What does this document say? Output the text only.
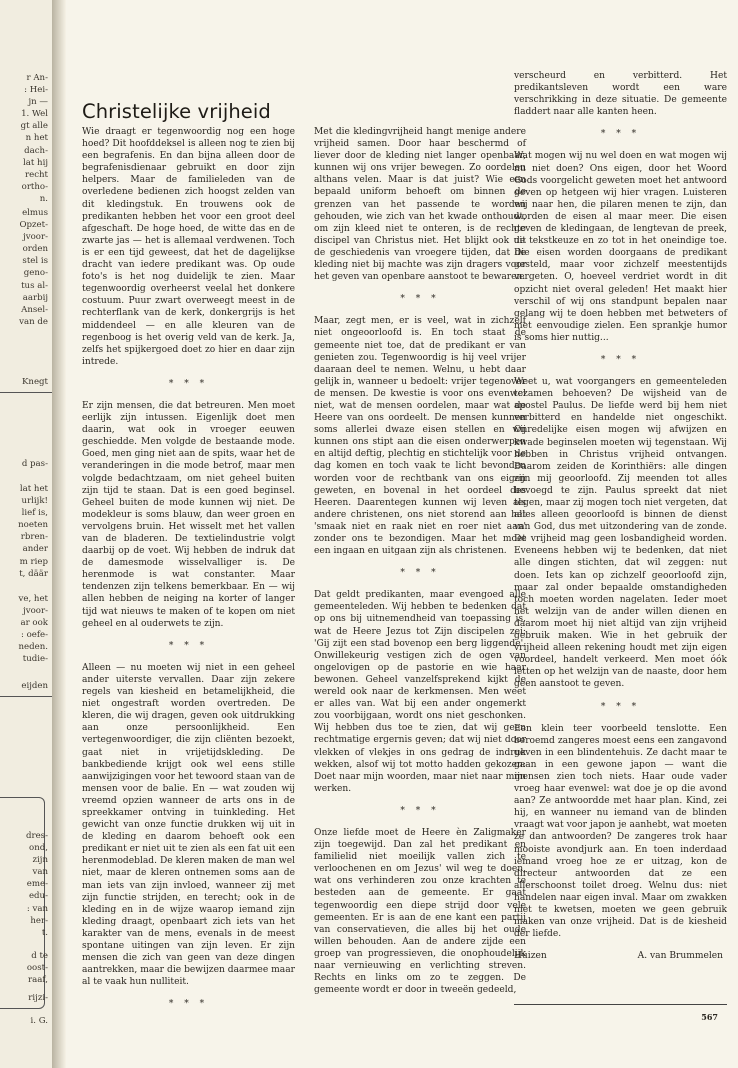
r An-
: Hei-
jn —
1. Wel
gt alle
n het
dach-
lat hij
recht
ortho-
n.
elmus
Opzet-
jvoor-
orden
stel is
geno-
tus al-
aarbij
Ansel-
van de
Knegt
d pas-
lat het
urlijk!
lief is,
noeten
rbren-
ander
m riep
t, däär
ve, het
jvoor-
ar ook
: oefe-
neden.
tudie-
eijden
dres-
ond,
zijn
van
eme-
edu-
: van
her-
t.
d te
oost-
raaf,
rijzi-
i. G.
Christelijke vrijheid

Wie draagt er tegenwoordig nog een hoge hoed? Dit hoofddeksel is alleen nog te zien bij een begrafenis. En dan bijna alleen door de begrafenisdienaar gebruikt en door zijn helpers. Maar de familieleden van de overledene bedienen zich hoogst zelden van dit kledingstuk. En trouwens ook de predikanten hebben het voor een groot deel afgeschaft. De hoge hoed, de witte das en de zwarte jas — het is allemaal verdwenen. Toch is er een tijd geweest, dat het de dagelijkse dracht van iedere predikant was. Op oude foto's is het nog duidelijk te zien. Maar tegenwoordig overheerst veelal het donkere costuum. Puur zwart overweegt meest in de rechterflank van de kerk, donkergrijs is het middendeel — en alle kleuren van de regenboog is het overig veld van de kerk. Ja, zelfs het spijkergoed doet zo hier en daar zijn intrede.

* * *

Er zijn mensen, die dat betreuren. Men moet eerlijk zijn intussen. Eigenlijk doet men daarin, wat ook in vroeger eeuwen geschiedde. Men volgde de bestaande mode. Goed, men ging niet aan de spits, waar het de veranderingen in die mode betrof, maar men volgde bedachtzaam, om niet geheel buiten zijn tijd te staan. Dat is een goed beginsel. Geheel buiten de mode kunnen wij niet. De modekleur is soms blauw, dan weer groen en vervolgens bruin. Het wisselt met het vallen van de bladeren. De textielindustrie volgt daarbij op de voet. Wij hebben de indruk dat de damesmode wisselvalliger is. De herenmode is wat constanter. Maar tendenzen zijn telkens bemerkbaar. En — wij allen hebben de neiging na korter of langer tijd wat nieuws te maken of te kopen om niet geheel en al ouderwets te zijn.

* * *

Alleen — nu moeten wij niet in een geheel ander uiterste vervallen. Daar zijn zekere regels van kiesheid en betamelijkheid, die niet ongestraft worden overtreden. De kleren, die wij dragen, geven ook uitdrukking aan onze persoonlijkheid. Een vertegenwoordiger, die zijn cliënten bezoekt, gaat niet in vrijetijdskleding. De bankbediende krijgt ook wel eens stille aanwijzigingen voor het tewoord staan van de mensen voor de balie. En — wat zouden wij vreemd opzien wanneer de arts ons in de spreekkamer ontving in tuinkleding. Het gewicht van onze functie drukken wij uit in de kleding en daarom behoeft ook een predikant er niet uit te zien als een fat uit een herenmodeblad. De kleren maken de man wel niet, maar de kleren ontnemen soms aan de man iets van zijn invloed, wanneer zij met zijn functie strijden, en terecht; ook in de kleding en in de wijze waarop iemand zijn kleding draagt, openbaart zich iets van het karakter van de mens, evenals in de meest spontane uitingen van zijn leven. Er zijn mensen die zich van geen van deze dingen aantrekken, maar die bewijzen daarmee maar al te vaak hun nulliteit.

* * *

Met die kledingvrijheid hangt menige andere vrijheid samen. Door haar beschermd of liever door de kleding niet langer openbaar, kunnen wij ons vrijer bewegen. Zo oordelen althans velen. Maar is dat juist? Wie een bepaald uniform behoeft om binnen de grenzen van het passende te worden gehouden, wie zich van het kwade onthoudt, om zijn kleed niet te onteren, is de rechte discipel van Christus niet. Het blijkt ook uit de geschiedenis van vroegere tijden, dat de kleding niet bij machte was zijn dragers voor het geven van openbare aanstoot te bewaren.

* * *

Maar, zegt men, er is veel, wat in zichzelf niet ongeoorloofd is. En toch staat de gemeente niet toe, dat de predikant er van genieten zou. Tegenwoordig is hij veel vrijer daaraan deel te nemen. Welnu, u hebt daar gelijk in, wanneer u bedoelt: vrijer tegenover de mensen. De kwestie is voor ons evenwel niet, wat de mensen oordelen, maar wat de Heere van ons oordeelt. De mensen kunnen soms allerlei dwaze eisen stellen en wij kunnen ons stipt aan die eisen onderwerpen en altijd deftig, plechtig en stichtelijk voor de dag komen en toch vaak te licht bevonden worden voor de rechtbank van ons eigen geweten, en bovenal in het oordeel des Heeren. Daarentegen kunnen wij leven als andere christenen, ons niet storend aan het 'smaak niet en raak niet en roer niet aan' zonder ons te bezondigen. Maar het moet een ingaan en uitgaan zijn als christenen.

* * *

Dat geldt predikanten, maar evengoed alle gemeenteleden. Wij hebben te bedenken dat op ons bij uitnemendheid van toepassing is, wat de Heere Jezus tot Zijn discipelen zei: 'Gij zijt een stad bovenop een berg liggende'. Onwillekeurig vestigen zich de ogen van ongelovigen op de pastorie en wie haar bewonen. Geheel vanzelfsprekend kijkt de wereld ook naar de kerkmensen. Men weet er alles van. Wat bij een ander ongemerkt zou voorbijgaan, wordt ons niet geschonken. Wij hebben dus toe te zien, dat wij geen rechtmatige ergernis geven; dat wij niet door vlekken of vlekjes in ons gedrag de indruk wekken, alsof wij tot motto hadden gekozen: Doet naar mijn woorden, maar niet naar mijn werken.

* * *

Onze liefde moet de Heere èn Zaligmaker zijn toegewijd. Dan zal het predikant en familielid niet moeilijk vallen zich te verloochenen en om Jezus' wil weg te doen, wat ons verhinderen zou onze krachten te besteden aan de gemeente. Er gaat tegenwoordig een diepe strijd door vele gemeenten. Er is aan de ene kant een partij van conservatieven, die alles bij het oude willen behouden. Aan de andere zijde een groep van progressieven, die onophoudelijk naar vernieuwing en verlichting streven. Rechts en links om zo te zeggen. De gemeente wordt er door in tweeën gedeeld,

verscheurd en verbitterd. Het predikantsleven wordt een ware verschrikking in deze situatie. De gemeente fladdert naar alle kanten heen.

* * *

Wat mogen wij nu wel doen en wat mogen wij nu niet doen? Ons eigen, door het Woord Gods voorgelicht geweten moet het antwoord geven op hetgeen wij hier vragen. Luisteren wij naar hen, die pilaren menen te zijn, dan worden de eisen al maar meer. Die eisen geven de kledingaan, de lengtevan de preek, de tekstkeuze en zo tot in het oneindige toe. Die eisen worden doorgaans de predikant gesteld, maar voor zichzelf meestentijds vergeten. O, hoeveel verdriet wordt in dit opzicht niet overal geleden! Het maakt hier verschil of wij ons standpunt bepalen naar gelang wij te doen hebben met betweters of met eenvoudige zielen. Een sprankje humor is soms hier nuttig...

* * *

Weet u, wat voorgangers en gemeenteleden tezamen behoeven? De wijsheid van de apostel Paulus. De liefde werd bij hem niet verbitterd en handelde niet ongeschikt. Onredelijke eisen mogen wij afwijzen en kwade beginselen moeten wij tegenstaan. Wij hebben in Christus vrijheid ontvangen. Daarom zeiden de Korinthiërs: alle dingen zijn mij geoorloofd. Zij meenden tot alles bevoegd te zijn. Paulus spreekt dat niet tegen, maar zij mogen toch niet vergeten, dat alles alleen geoorloofd is binnen de dienst van God, dus met uitzondering van de zonde. De vrijheid mag geen losbandigheid worden. Eveneens hebben wij te bedenken, dat niet alle dingen stichten, dat wil zeggen: nut doen. Iets kan op zichzelf geoorloofd zijn, maar zal onder bepaalde omstandigheden toch moeten worden nagelaten. Ieder moet het welzijn van de ander willen dienen en daarom moet hij niet altijd van zijn vrijheid gebruik maken. Wie in het gebruik der vrijheid alleen rekening houdt met zijn eigen voordeel, handelt verkeerd. Men moet óók letten op het welzijn van de naaste, door hem geen aanstoot te geven.

* * *

Een klein teer voorbeeld tenslotte. Een beroemd zangeres moest eens een zangavond geven in een blindentehuis. Ze dacht maar te gaan in een gewone japon — want die mensen zien toch niets. Haar oude vader vroeg haar evenwel: wat doe je op die avond aan? Ze antwoordde met haar plan. Kind, zei hij, en wanneer nu iemand van de blinden vraagt wat voor japon je aanhebt, wat moeten ze dan antwoorden? De zangeres trok haar mooiste avondjurk aan. En toen inderdaad iemand vroeg hoe ze er uitzag, kon de directeur antwoorden dat ze een allerschoonst toilet droeg. Welnu dus: niet handelen naar eigen inval. Maar om zwakken niet te kwetsen, moeten we geen gebruik maken van onze vrijheid. Dat is de kiesheid der liefde.

Huizen	A. van Brummelen
567
